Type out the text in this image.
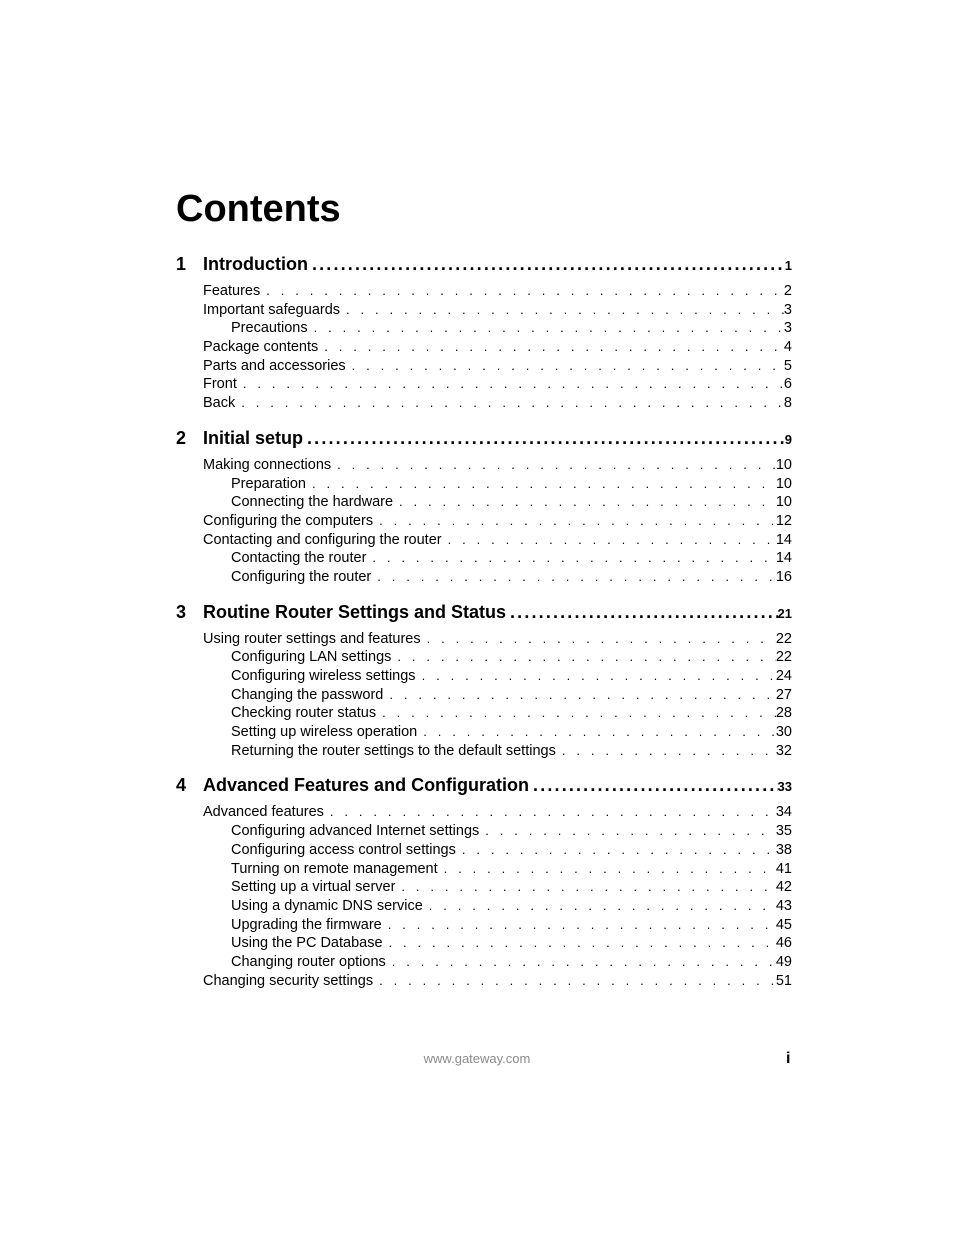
Contents
1 Introduction .....	1
Features . . .	2
Important safeguards . . .	3
Precautions . . .	3
Package contents . . .	4
Parts and accessories . . .	5
Front . . .	6
Back . . .	8
2 Initial setup .....	9
Making connections . . .	10
Preparation . . .	10
Connecting the hardware . . .	10
Configuring the computers . . .	12
Contacting and configuring the router . . .	14
Contacting the router . . .	14
Configuring the router . . .	16
3 Routine Router Settings and Status .....	21
Using router settings and features . . .	22
Configuring LAN settings . . .	22
Configuring wireless settings . . .	24
Changing the password . . .	27
Checking router status . . .	28
Setting up wireless operation . . .	30
Returning the router settings to the default settings . . .	32
4 Advanced Features and Configuration .....	33
Advanced features . . .	34
Configuring advanced Internet settings . . .	35
Configuring access control settings . . .	38
Turning on remote management . . .	41
Setting up a virtual server . . .	42
Using a dynamic DNS service . . .	43
Upgrading the firmware . . .	45
Using the PC Database . . .	46
Changing router options . . .	49
Changing security settings . . .	51
www.gateway.com	i
